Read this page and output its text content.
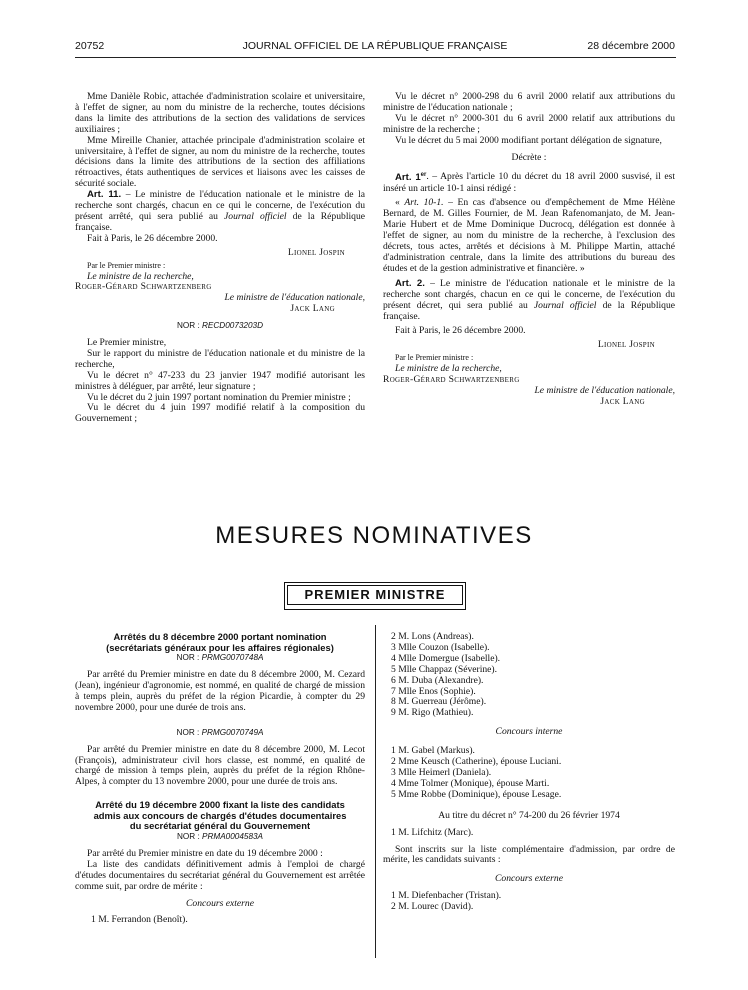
20752	JOURNAL OFFICIEL DE LA RÉPUBLIQUE FRANÇAISE	28 décembre 2000

Mme Danièle Robic, attachée d'administration scolaire et universitaire, à l'effet de signer, au nom du ministre de la recherche, toutes décisions dans la limite des attributions de la section des validations de services auxiliaires ;

Mme Mireille Chanier, attachée principale d'administration scolaire et universitaire, à l'effet de signer, au nom du ministre de la recherche, toutes décisions dans la limite des attributions de la section des affiliations rétroactives, états authentiques de services et liaisons avec les caisses de sécurité sociale.

Art. 11. – Le ministre de l'éducation nationale et le ministre de la recherche sont chargés, chacun en ce qui le concerne, de l'exécution du présent arrêté, qui sera publié au Journal officiel de la République française.

Fait à Paris, le 26 décembre 2000.

Lionel Jospin
Par le Premier ministre :
Le ministre de la recherche,
Roger-Gérard Schwartzenberg
Le ministre de l'éducation nationale,
Jack Lang
NOR : RECD0073203D

Le Premier ministre,

Sur le rapport du ministre de l'éducation nationale et du ministre de la recherche,

Vu le décret n° 47-233 du 23 janvier 1947 modifié autorisant les ministres à déléguer, par arrêté, leur signature ;

Vu le décret du 2 juin 1997 portant nomination du Premier ministre ;

Vu le décret du 4 juin 1997 modifié relatif à la composition du Gouvernement ;

Vu le décret n° 2000-298 du 6 avril 2000 relatif aux attributions du ministre de l'éducation nationale ;

Vu le décret n° 2000-301 du 6 avril 2000 relatif aux attributions du ministre de la recherche ;

Vu le décret du 5 mai 2000 modifiant portant délégation de signature,

Décrète :

Art. 1er. – Après l'article 10 du décret du 18 avril 2000 susvisé, il est inséré un article 10-1 ainsi rédigé :

« Art. 10-1. – En cas d'absence ou d'empêchement de Mme Hélène Bernard, de M. Gilles Fournier, de M. Jean Rafenomanjato, de M. Jean-Marie Hubert et de Mme Dominique Ducrocq, délégation est donnée à l'effet de signer, au nom du ministre de la recherche, à l'exclusion des décrets, tous actes, arrêtés et décisions à M. Philippe Martin, attaché d'administration centrale, dans la limite des attributions du bureau des études et de la gestion administrative et financière. »

Art. 2. – Le ministre de l'éducation nationale et le ministre de la recherche sont chargés, chacun en ce qui le concerne, de l'exécution du présent décret, qui sera publié au Journal officiel de la République française.

Fait à Paris, le 26 décembre 2000.

Lionel Jospin
Par le Premier ministre :
Le ministre de la recherche,
Roger-Gérard Schwartzenberg
Le ministre de l'éducation nationale,
Jack Lang
MESURES NOMINATIVES
PREMIER MINISTRE
Arrêtés du 8 décembre 2000 portant nomination
(secrétariats généraux pour les affaires régionales)
NOR : PRMG0070748A

Par arrêté du Premier ministre en date du 8 décembre 2000, M. Cezard (Jean), ingénieur d'agronomie, est nommé, en qualité de chargé de mission à temps plein, auprès du préfet de la région Picardie, à compter du 29 novembre 2000, pour une durée de trois ans.

NOR : PRMG0070749A

Par arrêté du Premier ministre en date du 8 décembre 2000, M. Lecot (François), administrateur civil hors classe, est nommé, en qualité de chargé de mission à temps plein, auprès du préfet de la région Rhône-Alpes, à compter du 13 novembre 2000, pour une durée de trois ans.

Arrêté du 19 décembre 2000 fixant la liste des candidats
admis aux concours de chargés d'études documentaires
du secrétariat général du Gouvernement
NOR : PRMA0004583A

Par arrêté du Premier ministre en date du 19 décembre 2000 :

La liste des candidats définitivement admis à l'emploi de chargé d'études documentaires du secrétariat général du Gouvernement est arrêtée comme suit, par ordre de mérite :

Concours externe
1 M. Ferrandon (Benoît).
2 M. Lons (Andreas).
3 Mlle Couzon (Isabelle).
4 Mlle Domergue (Isabelle).
5 Mlle Chappaz (Séverine).
6 M. Duba (Alexandre).
7 Mlle Enos (Sophie).
8 M. Guerreau (Jérôme).
9 M. Rigo (Mathieu).
Concours interne
1 M. Gabel (Markus).
2 Mme Keusch (Catherine), épouse Luciani.
3 Mlle Heimerl (Daniela).
4 Mme Tolmer (Monique), épouse Marti.
5 Mme Robbe (Dominique), épouse Lesage.
Au titre du décret n° 74-200 du 26 février 1974
1 M. Lifchitz (Marc).

Sont inscrits sur la liste complémentaire d'admission, par ordre de mérite, les candidats suivants :

Concours externe
1 M. Diefenbacher (Tristan).
2 M. Lourec (David).
